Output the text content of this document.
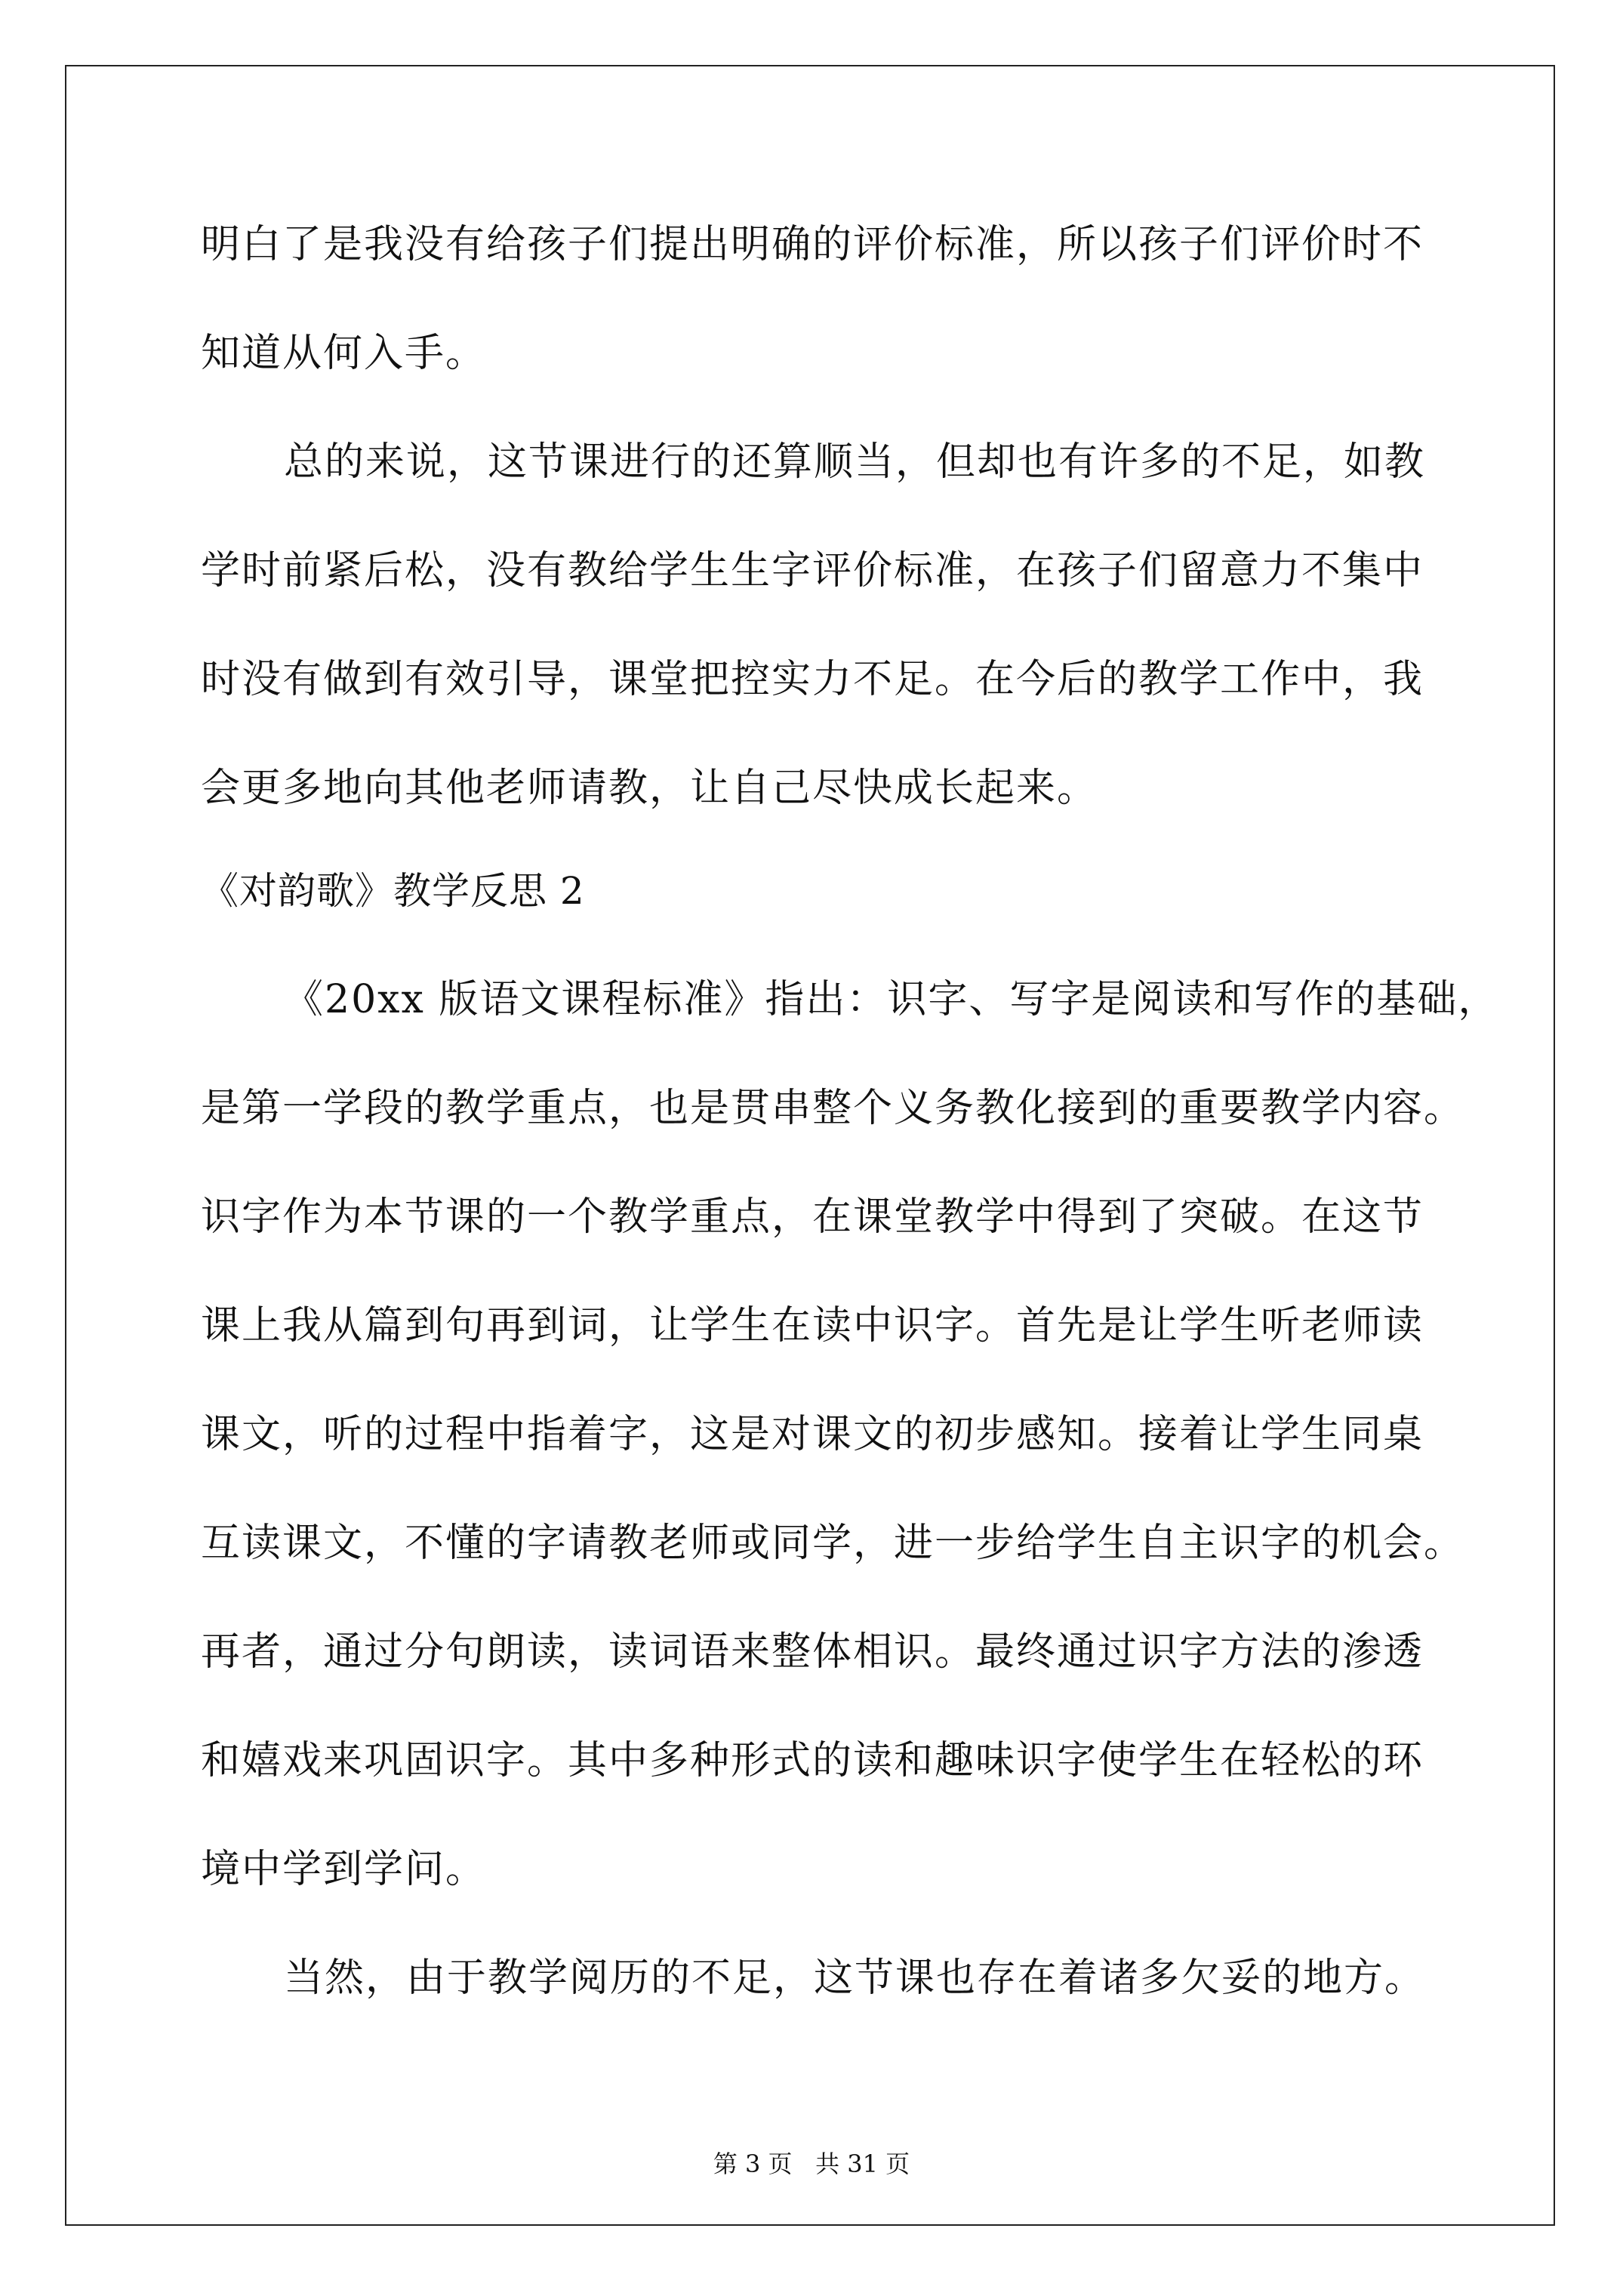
明白了是我没有给孩子们提出明确的评价标准，所以孩子们评价时不
知道从何入手。
总的来说，这节课进行的还算顺当，但却也有许多的不足，如教
学时前紧后松，没有教给学生生字评价标准，在孩子们留意力不集中
时没有做到有效引导，课堂把控实力不足。在今后的教学工作中，我
会更多地向其他老师请教，让自己尽快成长起来。
《对韵歌》教学反思 2
《20xx 版语文课程标准》指出：识字、写字是阅读和写作的基础，
是第一学段的教学重点，也是贯串整个义务教化接到的重要教学内容。
识字作为本节课的一个教学重点，在课堂教学中得到了突破。在这节
课上我从篇到句再到词，让学生在读中识字。首先是让学生听老师读
课文，听的过程中指着字，这是对课文的初步感知。接着让学生同桌
互读课文，不懂的字请教老师或同学，进一步给学生自主识字的机会。
再者，通过分句朗读，读词语来整体相识。最终通过识字方法的渗透
和嬉戏来巩固识字。其中多种形式的读和趣味识字使学生在轻松的环
境中学到学问。
当然，由于教学阅历的不足，这节课也存在着诸多欠妥的地方。
第 3 页   共 31 页
